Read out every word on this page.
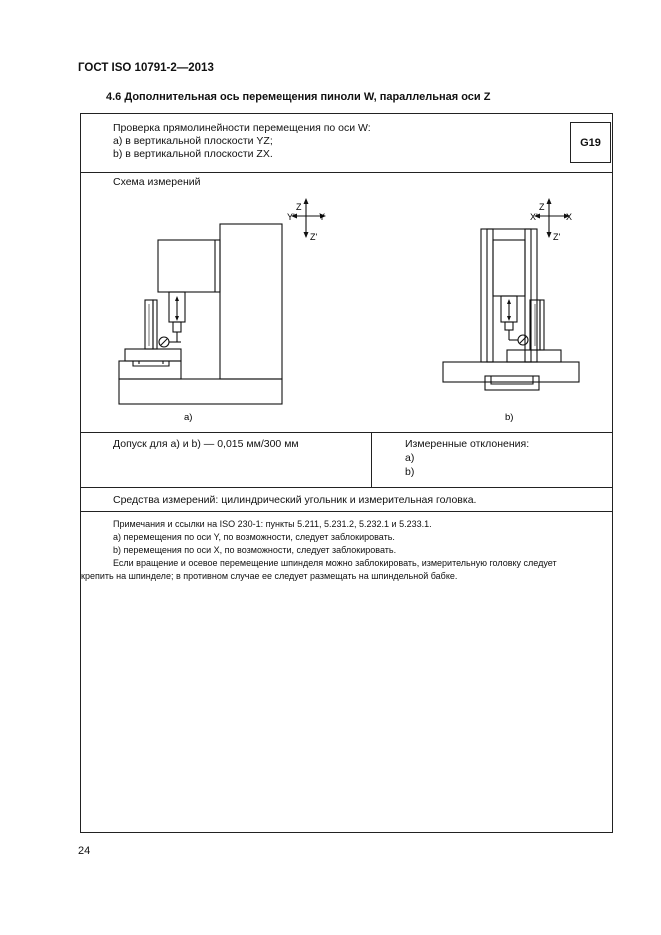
ГОСТ ISO 10791-2—2013
4.6 Дополнительная ось перемещения пиноли W, параллельная оси Z
Проверка прямолинейности перемещения по оси W:
a) в вертикальной плоскости YZ;
b) в вертикальной плоскости ZX.
G19
Схема измерений
Z
Y'	Y
Z'
a)
Z
X'	X
Z'
b)
Допуск для a) и b) — 0,015 мм/300 мм	Измеренные отклонения:
a)
b)
Средства измерений: цилиндрический угольник и измерительная головка.
Примечания и ссылки на ISO 230-1: пункты 5.211, 5.231.2, 5.232.1 и 5.233.1.
a) перемещения по оси Y, по возможности, следует заблокировать.
b) перемещения по оси X, по возможности, следует заблокировать.
Если вращение и осевое перемещение шпинделя можно заблокировать, измерительную головку следует
крепить на шпинделе; в противном случае ее следует размещать на шпиндельной бабке.
24
